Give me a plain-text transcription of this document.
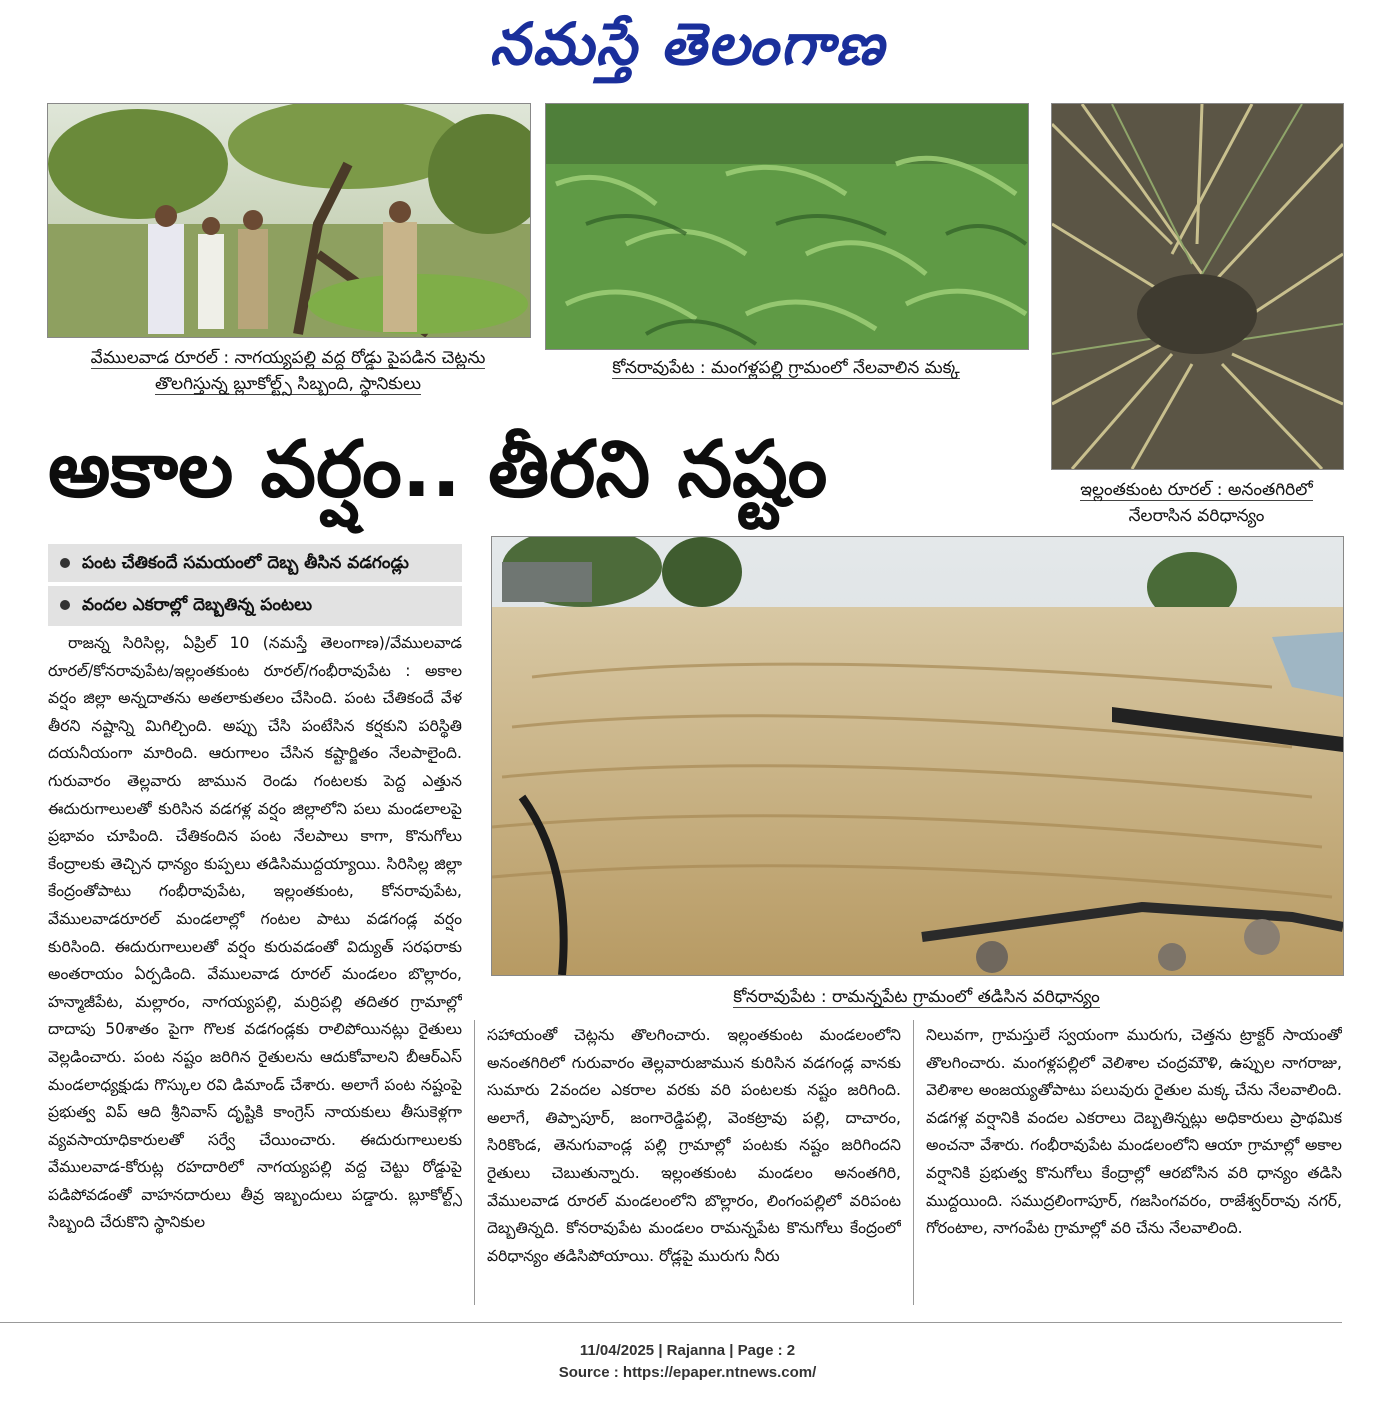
నమస్తే తెలంగాణ
వేములవాడ రూరల్ : నాగయ్యపల్లి వద్ద రోడ్డు పైపడిన చెట్లను
తొలగిస్తున్న బ్లూకోల్ట్స్ సిబ్బంది, స్థానికులు
కోనరావుపేట : మంగళ్లపల్లి గ్రామంలో నేలవాలిన మక్క
ఇల్లంతకుంట రూరల్ : అనంతగిరిలో
నేలరాసిన వరిధాన్యం
అకాల వర్షం.. తీరని నష్టం
పంట చేతికందే సమయంలో దెబ్బ తీసిన వడగండ్లు
వందల ఎకరాల్లో దెబ్బతిన్న పంటలు
కోనరావుపేట : రామన్నపేట గ్రామంలో తడిసిన వరిధాన్యం
రాజన్న సిరిసిల్ల, ఏప్రిల్ 10 (నమస్తే తెలంగాణ)/వేములవాడ రూరల్/కోనరావుపేట/ఇల్లంతకుంట రూరల్/గంభీరావుపేట : అకాల వర్షం జిల్లా అన్నదాతను అతలాకుతలం చేసింది. పంట చేతికందే వేళ తీరని నష్టాన్ని మిగిల్చింది. అప్పు చేసి పంటేసిన కర్షకుని పరిస్థితి దయనీయంగా మారింది. ఆరుగాలం చేసిన కష్టార్జితం నేలపాలైంది. గురువారం తెల్లవారు జామున రెండు గంటలకు పెద్ద ఎత్తున ఈదురుగాలులతో కురిసిన వడగళ్ల వర్షం జిల్లాలోని పలు మండలాలపై ప్రభావం చూపింది. చేతికందిన పంట నేలపాలు కాగా, కొనుగోలు కేంద్రాలకు తెచ్చిన ధాన్యం కుప్పలు తడిసిముద్దయ్యాయి. సిరిసిల్ల జిల్లా కేంద్రంతోపాటు గంభీరావుపేట, ఇల్లంతకుంట, కోనరావుపేట, వేములవాడరూరల్ మండలాల్లో గంటల పాటు వడగండ్ల వర్షం కురిసింది. ఈదురుగాలులతో వర్షం కురువడంతో విద్యుత్ సరఫరాకు అంతరాయం ఏర్పడింది. వేములవాడ రూరల్ మండలం బొల్లారం, హన్మాజీపేట, మల్లారం, నాగయ్యపల్లి, మర్రిపల్లి తదితర గ్రామాల్లో దాదాపు 50శాతం పైగా గొలక వడగండ్లకు రాలిపోయినట్లు రైతులు వెల్లడించారు. పంట నష్టం జరిగిన రైతులను ఆదుకోవాలని బీఆర్ఎస్ మండలాధ్యక్షుడు గొస్కుల రవి డిమాండ్ చేశారు. అలాగే పంట నష్టంపై ప్రభుత్వ విప్ ఆది శ్రీనివాస్ దృష్టికి కాంగ్రెస్ నాయకులు తీసుకెళ్లగా వ్యవసాయాధికారులతో సర్వే చేయించారు. ఈదురుగాలులకు వేములవాడ-కోరుట్ల రహదారిలో నాగయ్యపల్లి వద్ద చెట్టు రోడ్డుపై పడిపోవడంతో వాహనదారులు తీవ్ర ఇబ్బందులు పడ్డారు. బ్లూకోల్ట్స్ సిబ్బంది చేరుకొని స్థానికుల
సహాయంతో చెట్లను తొలగించారు. ఇల్లంతకుంట మండలంలోని అనంతగిరిలో గురువారం తెల్లవారుజామున కురిసిన వడగండ్ల వానకు సుమారు 2వందల ఎకరాల వరకు వరి పంటలకు నష్టం జరిగింది. అలాగే, తిప్పాపూర్, జంగారెడ్డిపల్లి, వెంకట్రావు పల్లి, దాచారం, సిరికొండ, తెనుగువాండ్ల పల్లి గ్రామాల్లో పంటకు నష్టం జరిగిందని రైతులు చెబుతున్నారు. ఇల్లంతకుంట మండలం అనంతగిరి, వేములవాడ రూరల్ మండలంలోని బొల్లారం, లింగంపల్లిలో వరిపంట దెబ్బతిన్నది. కోనరావుపేట మండలం రామన్నపేట కొనుగోలు కేంద్రంలో వరిధాన్యం తడిసిపోయాయి. రోడ్లపై మురుగు నీరు
నిలువగా, గ్రామస్తులే స్వయంగా మురుగు, చెత్తను ట్రాక్టర్ సాయంతో తొలగించారు. మంగళ్లపల్లిలో వెలిశాల చంద్రమౌళి, ఉప్పుల నాగరాజు, వెలిశాల అంజయ్యతోపాటు పలువురు రైతుల మక్క చేను నేలవాలింది. వడగళ్ల వర్షానికి వందల ఎకరాలు దెబ్బతిన్నట్లు అధికారులు ప్రాథమిక అంచనా వేశారు. గంభీరావుపేట మండలంలోని ఆయా గ్రామాల్లో అకాల వర్షానికి ప్రభుత్వ కొనుగోలు కేంద్రాల్లో ఆరబోసిన వరి ధాన్యం తడిసి ముద్దయింది. సముద్రలింగాపూర్, గజసింగవరం, రాజేశ్వర్‌రావు నగర్, గోరంటాల, నాగంపేట గ్రామాల్లో వరి చేను నేలవాలింది.
11/04/2025 | Rajanna | Page : 2
Source : https://epaper.ntnews.com/
